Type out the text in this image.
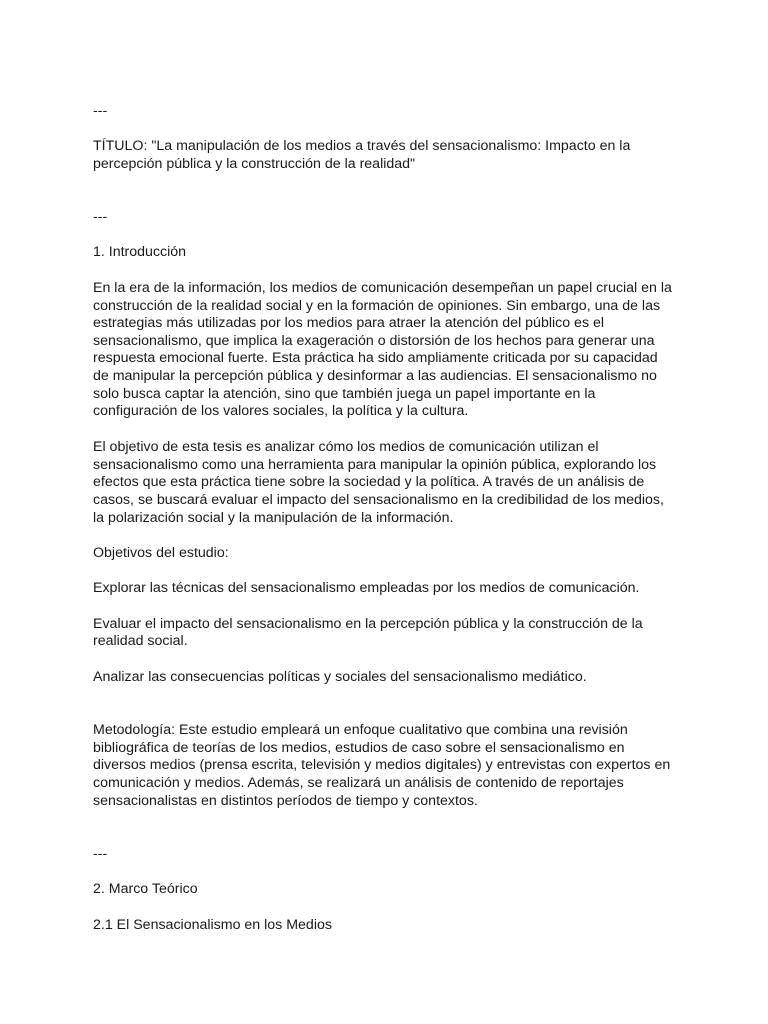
---

TÍTULO: "La manipulación de los medios a través del sensacionalismo: Impacto en la

percepción pública y la construcción de la realidad"

---

1. Introducción

En la era de la información, los medios de comunicación desempeñan un papel crucial en la

construcción de la realidad social y en la formación de opiniones. Sin embargo, una de las

estrategias más utilizadas por los medios para atraer la atención del público es el

sensacionalismo, que implica la exageración o distorsión de los hechos para generar una

respuesta emocional fuerte. Esta práctica ha sido ampliamente criticada por su capacidad

de manipular la percepción pública y desinformar a las audiencias. El sensacionalismo no

solo busca captar la atención, sino que también juega un papel importante en la

configuración de los valores sociales, la política y la cultura.

El objetivo de esta tesis es analizar cómo los medios de comunicación utilizan el

sensacionalismo como una herramienta para manipular la opinión pública, explorando los

efectos que esta práctica tiene sobre la sociedad y la política. A través de un análisis de

casos, se buscará evaluar el impacto del sensacionalismo en la credibilidad de los medios,

la polarización social y la manipulación de la información.

Objetivos del estudio:

Explorar las técnicas del sensacionalismo empleadas por los medios de comunicación.

Evaluar el impacto del sensacionalismo en la percepción pública y la construcción de la

realidad social.

Analizar las consecuencias políticas y sociales del sensacionalismo mediático.

Metodología: Este estudio empleará un enfoque cualitativo que combina una revisión

bibliográfica de teorías de los medios, estudios de caso sobre el sensacionalismo en

diversos medios (prensa escrita, televisión y medios digitales) y entrevistas con expertos en

comunicación y medios. Además, se realizará un análisis de contenido de reportajes

sensacionalistas en distintos períodos de tiempo y contextos.

---

2. Marco Teórico

2.1 El Sensacionalismo en los Medios
